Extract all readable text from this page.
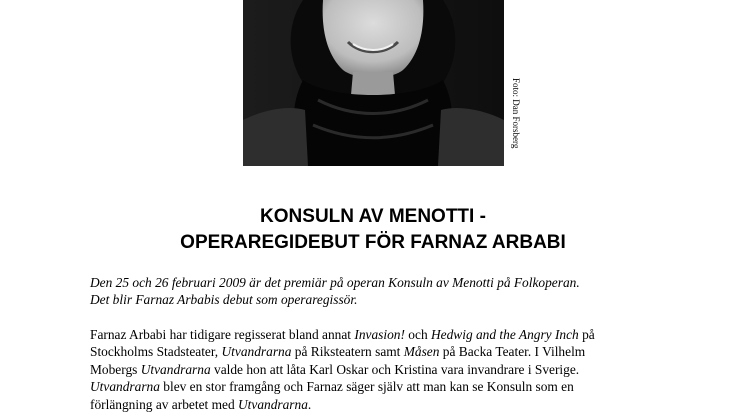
Foto: Dan Forsberg
KONSULN AV MENOTTI -
OPERAREGIDEBUT FÖR FARNAZ ARBABI

Den 25 och 26 februari 2009 är det premiär på operan Konsuln av Menotti på Folkoperan.
Det blir Farnaz Arbabis debut som operaregissör.

Farnaz Arbabi har tidigare regisserat bland annat Invasion! och Hedwig and the Angry Inch på
Stockholms Stadsteater, Utvandrarna på Riksteatern samt Måsen på Backa Teater. I Vilhelm
Mobergs Utvandrarna valde hon att låta Karl Oskar och Kristina vara invandrare i Sverige.
Utvandrarna blev en stor framgång och Farnaz säger själv att man kan se Konsuln som en
förlängning av arbetet med Utvandrarna.
